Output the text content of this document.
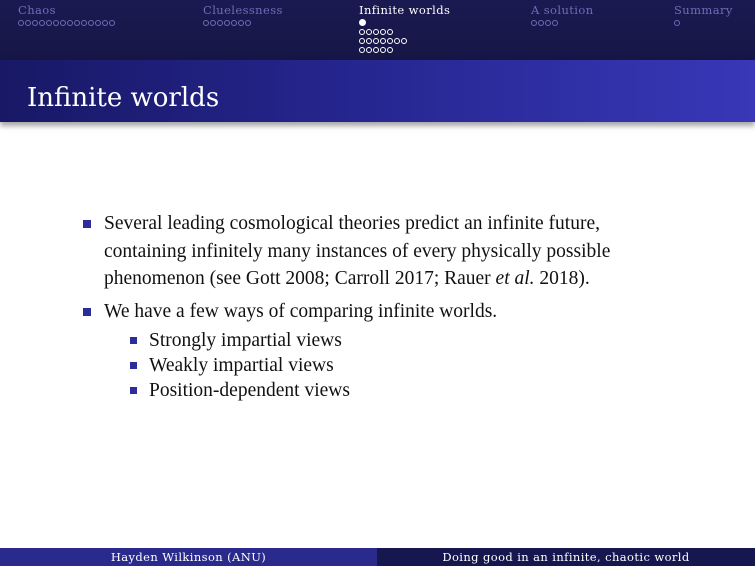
Chaos	Cluelessness	Infinite worlds	A solution	Summary
Infinite worlds
Several leading cosmological theories predict an infinite future, containing infinitely many instances of every physically possible phenomenon (see Gott 2008; Carroll 2017; Rauer et al. 2018).
We have a few ways of comparing infinite worlds.
Strongly impartial views
Weakly impartial views
Position-dependent views
Hayden Wilkinson (ANU)	Doing good in an infinite, chaotic world
